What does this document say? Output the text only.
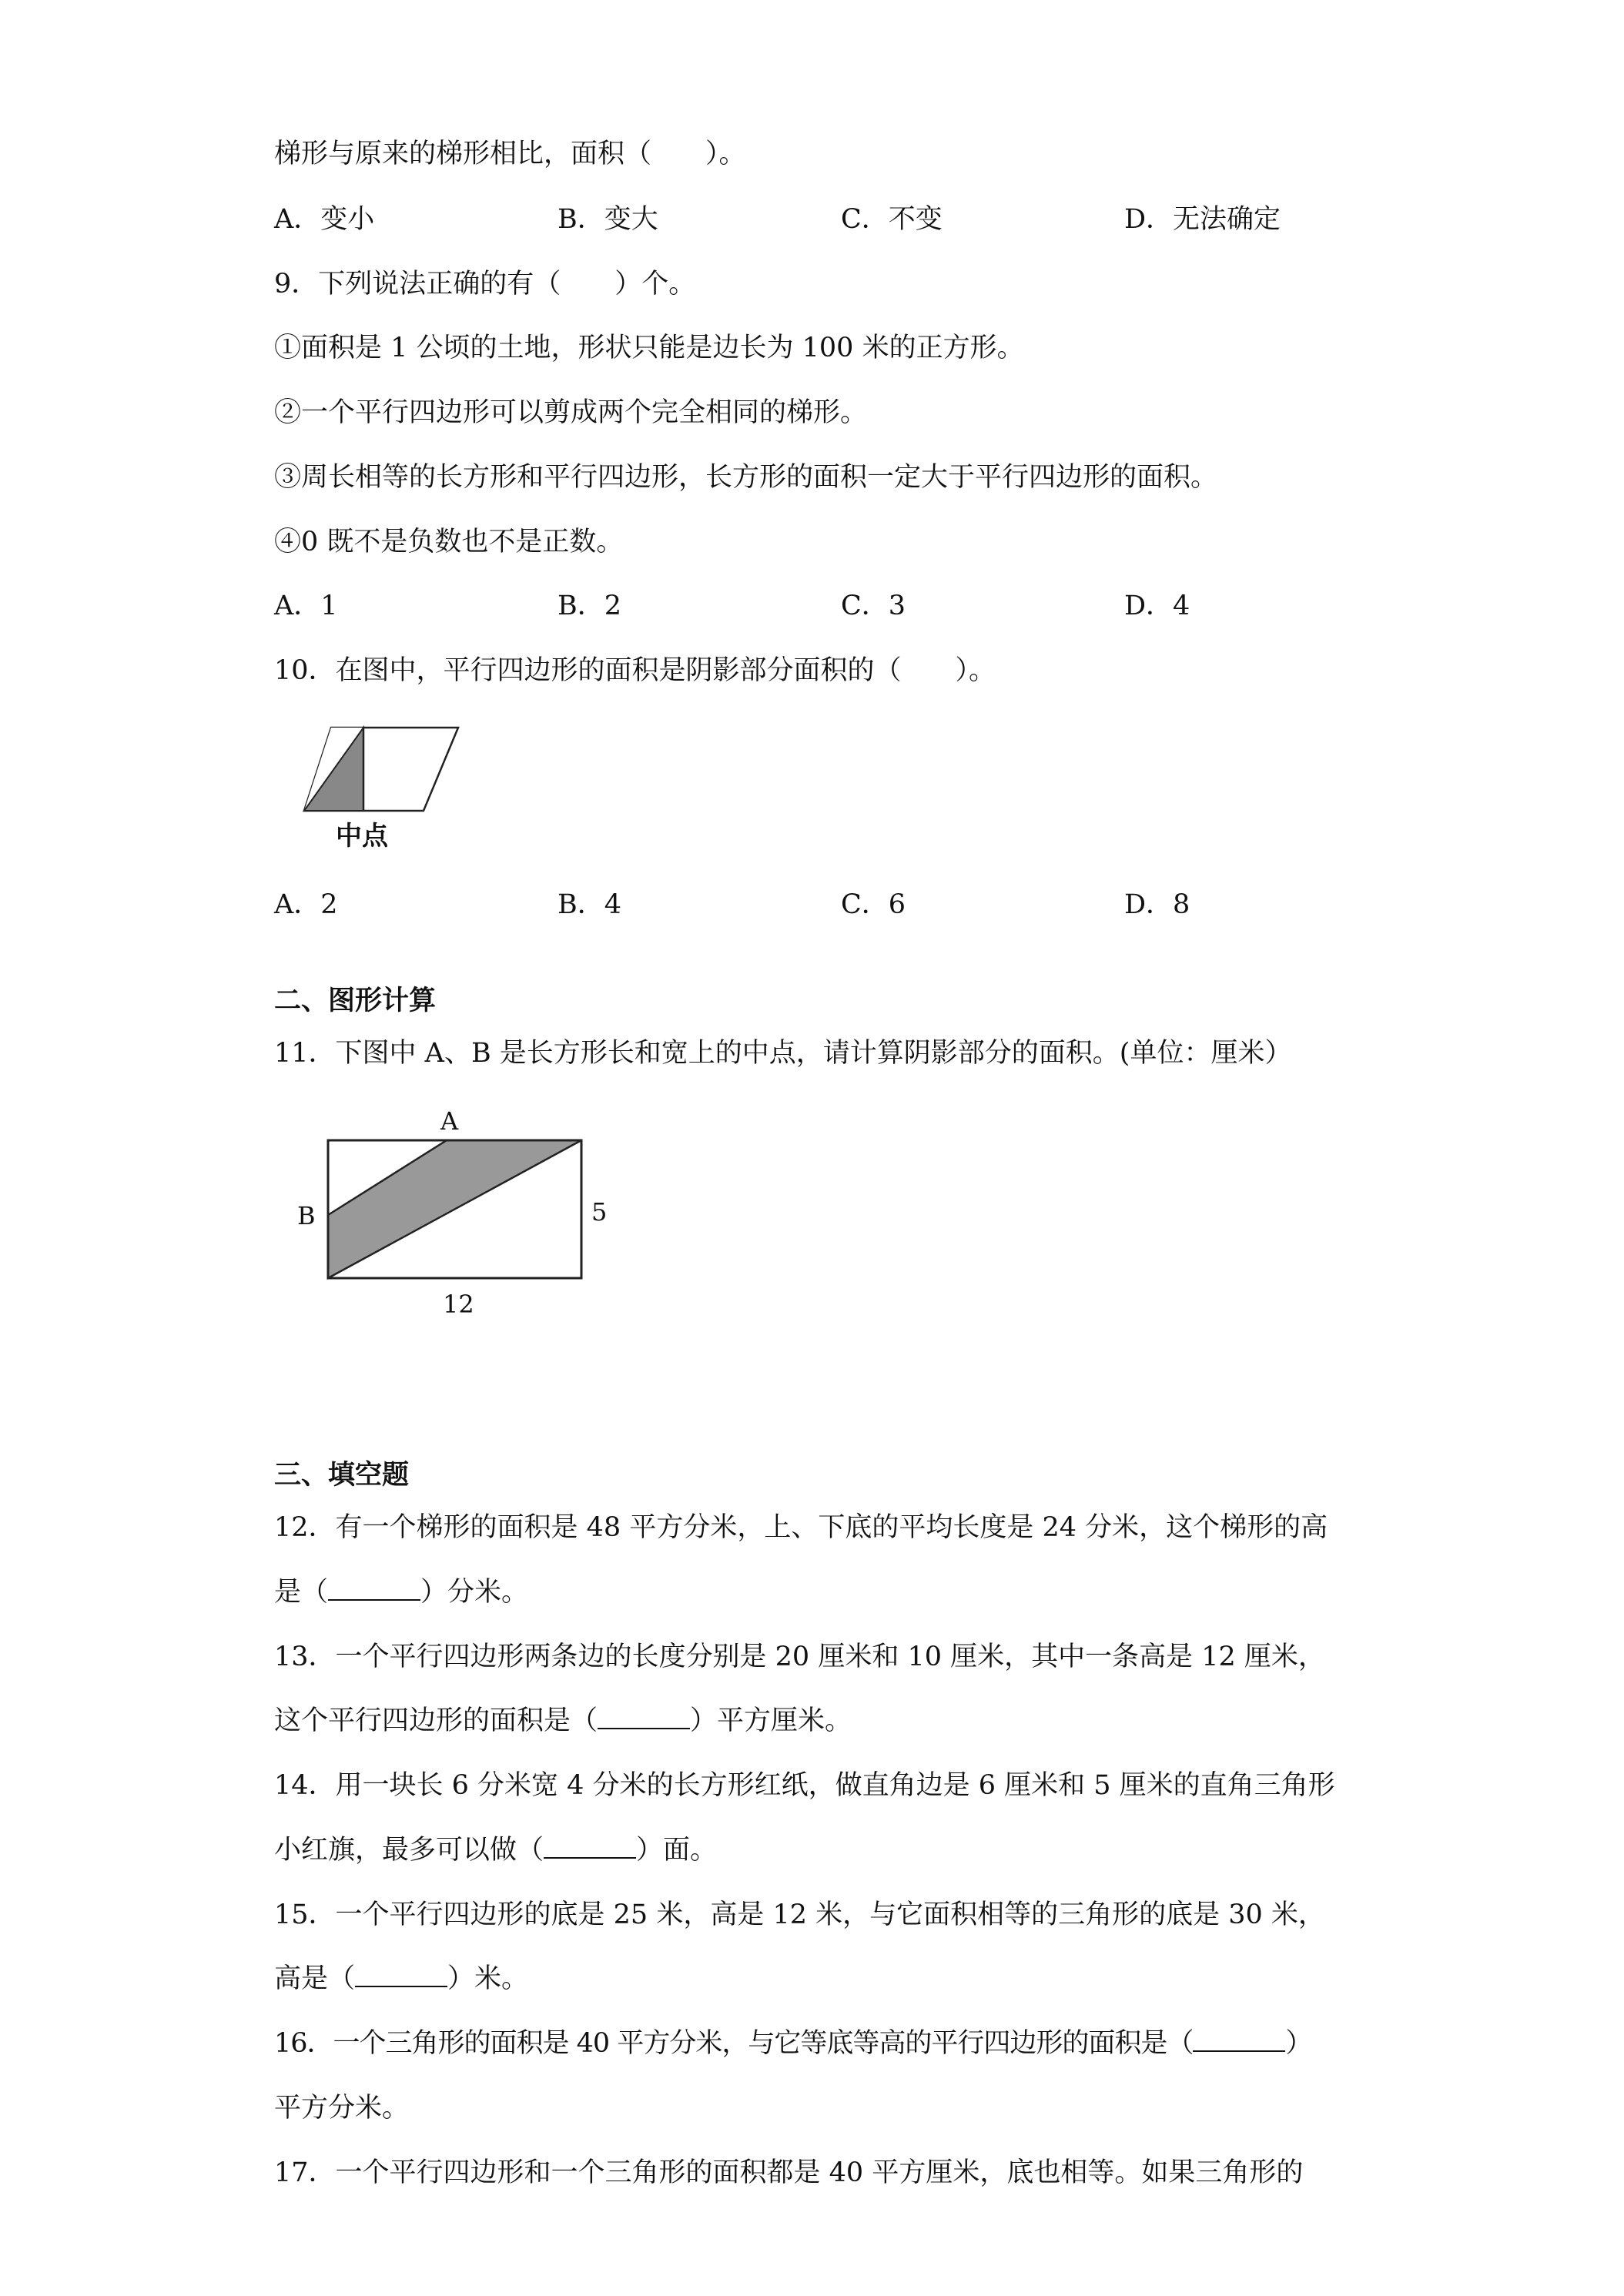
梯形与原来的梯形相比，面积（　　）。
A．变小	B．变大	C．不变	D．无法确定
9．下列说法正确的有（　　）个。
①面积是 1 公顷的土地，形状只能是边长为 100 米的正方形。
②一个平行四边形可以剪成两个完全相同的梯形。
③周长相等的长方形和平行四边形，长方形的面积一定大于平行四边形的面积。
④0 既不是负数也不是正数。
A．1	B．2	C．3	D．4
10．在图中，平行四边形的面积是阴影部分面积的（　　）。
中点
A．2	B．4	C．6	D．8
二、图形计算
11．下图中 A、B 是长方形长和宽上的中点，请计算阴影部分的面积。(单位：厘米）
A
B	5
12
三、填空题
12．有一个梯形的面积是 48 平方分米，上、下底的平均长度是 24 分米，这个梯形的高
是（	）分米。
13．一个平行四边形两条边的长度分别是 20 厘米和 10 厘米，其中一条高是 12 厘米，
这个平行四边形的面积是（	）平方厘米。
14．用一块长 6 分米宽 4 分米的长方形红纸，做直角边是 6 厘米和 5 厘米的直角三角形
小红旗，最多可以做（	）面。
15．一个平行四边形的底是 25 米，高是 12 米，与它面积相等的三角形的底是 30 米，
高是（	）米。
16．一个三角形的面积是 40 平方分米，与它等底等高的平行四边形的面积是（	）
平方分米。
17．一个平行四边形和一个三角形的面积都是 40 平方厘米，底也相等。如果三角形的
